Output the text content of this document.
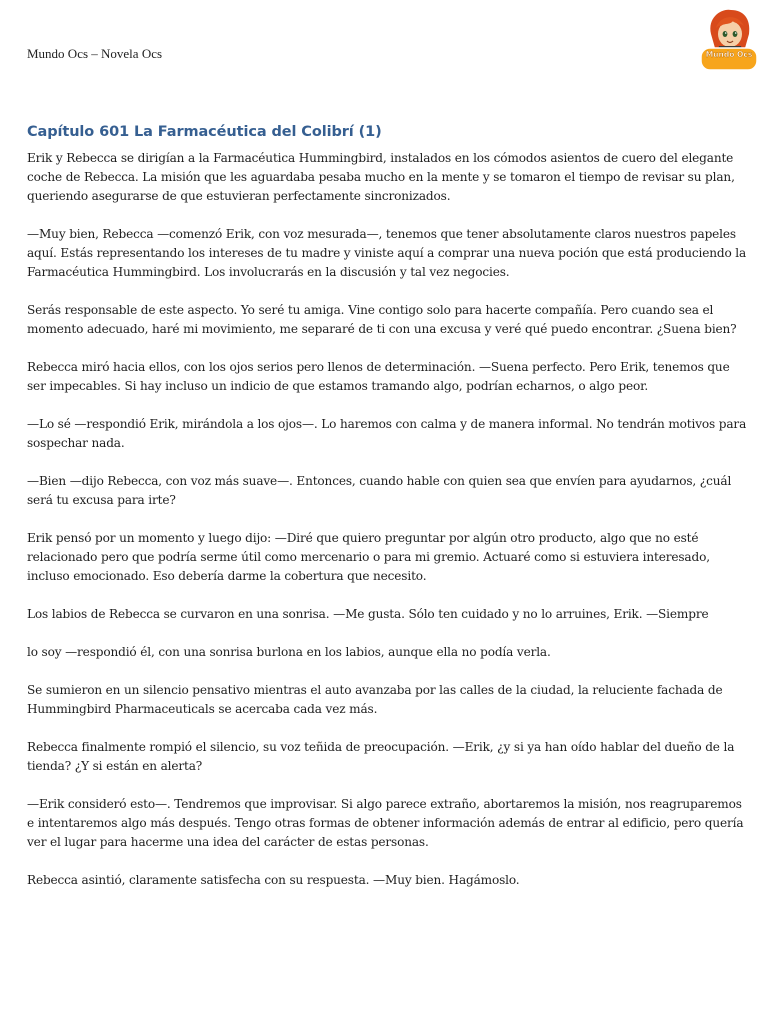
Mundo Ocs – Novela Ocs	Mundo Ocs
Capítulo 601 La Farmacéutica del Colibrí (1)

Erik y Rebecca se dirigían a la Farmacéutica Hummingbird, instalados en los cómodos asientos de cuero del elegante coche de Rebecca. La misión que les aguardaba pesaba mucho en la mente y se tomaron el tiempo de revisar su plan, queriendo asegurarse de que estuvieran perfectamente sincronizados.

—Muy bien, Rebecca —comenzó Erik, con voz mesurada—, tenemos que tener absolutamente claros nuestros papeles aquí. Estás representando los intereses de tu madre y viniste aquí a comprar una nueva poción que está produciendo la Farmacéutica Hummingbird. Los involucrarás en la discusión y tal vez negocies.

Serás responsable de este aspecto. Yo seré tu amiga. Vine contigo solo para hacerte compañía. Pero cuando sea el momento adecuado, haré mi movimiento, me separaré de ti con una excusa y veré qué puedo encontrar. ¿Suena bien?

Rebecca miró hacia ellos, con los ojos serios pero llenos de determinación. —Suena perfecto. Pero Erik, tenemos que ser impecables. Si hay incluso un indicio de que estamos tramando algo, podrían echarnos, o algo peor.

—Lo sé —respondió Erik, mirándola a los ojos—. Lo haremos con calma y de manera informal. No tendrán motivos para sospechar nada.

—Bien —dijo Rebecca, con voz más suave—. Entonces, cuando hable con quien sea que envíen para ayudarnos, ¿cuál será tu excusa para irte?

Erik pensó por un momento y luego dijo: —Diré que quiero preguntar por algún otro producto, algo que no esté relacionado pero que podría serme útil como mercenario o para mi gremio. Actuaré como si estuviera interesado, incluso emocionado. Eso debería darme la cobertura que necesito.

Los labios de Rebecca se curvaron en una sonrisa. —Me gusta. Sólo ten cuidado y no lo arruines, Erik. —Siempre

lo soy —respondió él, con una sonrisa burlona en los labios, aunque ella no podía verla.

Se sumieron en un silencio pensativo mientras el auto avanzaba por las calles de la ciudad, la reluciente fachada de Hummingbird Pharmaceuticals se acercaba cada vez más.

Rebecca finalmente rompió el silencio, su voz teñida de preocupación. —Erik, ¿y si ya han oído hablar del dueño de la tienda? ¿Y si están en alerta?

—Erik consideró esto—. Tendremos que improvisar. Si algo parece extraño, abortaremos la misión, nos reagruparemos e intentaremos algo más después. Tengo otras formas de obtener información además de entrar al edificio, pero quería ver el lugar para hacerme una idea del carácter de estas personas.

Rebecca asintió, claramente satisfecha con su respuesta. —Muy bien. Hagámoslo.
